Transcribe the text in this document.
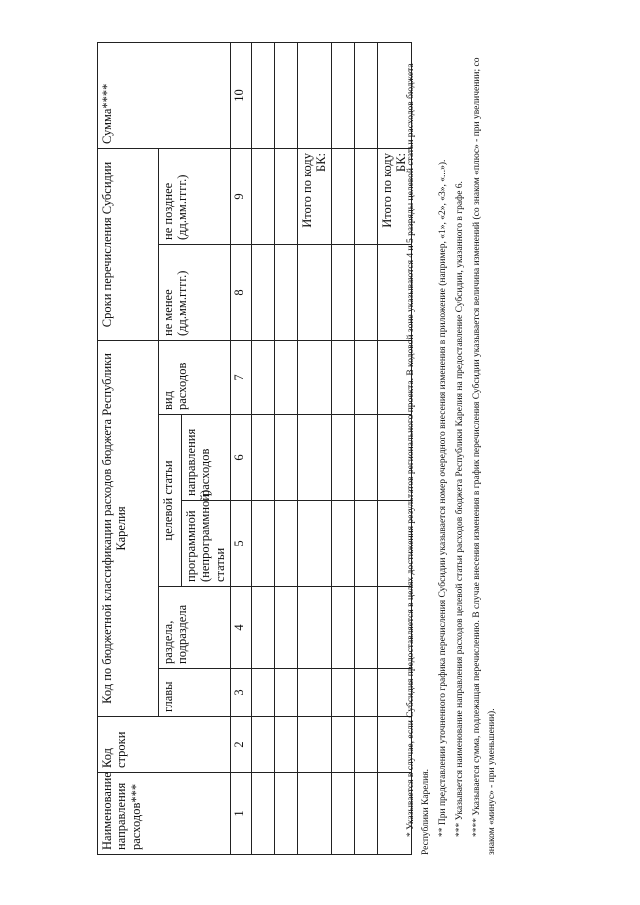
Наименование направления расходов***	Код строки	Код по бюджетной классификации расходов бюджета Республики Карелия					Сроки перечисления Субсидии		Сумма****
		главы	раздела, подраздела	целевой статьи		вид расходов	не менее (дд.мм.гггг.)	не позднее (дд.мм.гггг.)	
				программной (непрограммной) статьи	направления расходов				
1	2	3	4	5	6	7	8	9	10

								Итого по коду БК:	

								Итого по коду БК:	

* Указывается в случае, если Субсидия предоставляется в целях достижения результатов регионального проекта. В кодовой зоне указываются 4 и 5 разряды целевой статьи расходов бюджета Республики Карелия. ** При представлении уточненного графика перечисления Субсидии указывается номер очередного внесения изменения в приложение (например, «1», «2», «3», «...»). *** Указывается наименование направления расходов целевой статьи расходов бюджета Республики Карелия на предоставление Субсидии, указанного в графе 6. **** Указывается сумма, подлежащая перечислению. В случае внесения изменения в график перечисления Субсидии указывается величина изменений (со знаком «плюс» - при увеличении; со знаком «минус» - при уменьшении).
